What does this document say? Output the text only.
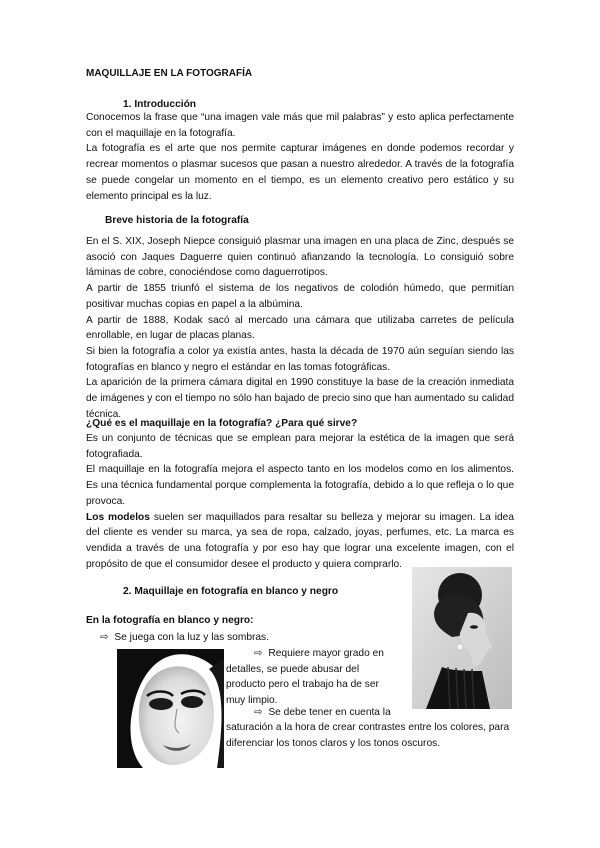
MAQUILLAJE EN LA FOTOGRAFÍA
1. Introducción

Conocemos la frase que “una imagen vale más que mil palabras” y esto aplica perfectamente con el maquillaje en la fotografía.

La fotografía es el arte que nos permite capturar imágenes en donde podemos recordar y recrear momentos o plasmar sucesos que pasan a nuestro alrededor. A través de la fotografía se puede congelar un momento en el tiempo, es un elemento creativo pero estático y su elemento principal es la luz.

Breve historia de la fotografía

En el S. XIX, Joseph Niepce consiguió plasmar una imagen en una placa de Zinc, después se asoció con Jaques Daguerre quien continuó afianzando la tecnología. Lo consiguió sobre láminas de cobre, conociéndose como daguerrotipos.

A partir de 1855 triunfó el sistema de los negativos de colodión húmedo, que permitían positivar muchas copias en papel a la albúmina.

A partir de 1888, Kodak sacó al mercado una cámara que utilizaba carretes de película enrollable, en lugar de placas planas.

Si bien la fotografía a color ya existía antes, hasta la década de 1970 aún seguían siendo las fotografías en blanco y negro el estándar en las tomas fotográficas.

La aparición de la primera cámara digital en 1990 constituye la base de la creación inmediata de imágenes y con el tiempo no sólo han bajado de precio sino que han aumentado su calidad técnica.

¿Qué es el maquillaje en la fotografía? ¿Para qué sirve?

Es un conjunto de técnicas que se emplean para mejorar la estética de la imagen que será fotografiada.

El maquillaje en la fotografía mejora el aspecto tanto en los modelos como en los alimentos. Es una técnica fundamental porque complementa la fotografía, debido a lo que refleja o lo que provoca.

Los modelos suelen ser maquillados para resaltar su belleza y mejorar su imagen. La idea del cliente es vender su marca, ya sea de ropa, calzado, joyas, perfumes, etc. La marca es vendida a través de una fotografía y por eso hay que lograr una excelente imagen, con el propósito de que el consumidor desee el producto y quiera comprarlo.

2. Maquillaje en fotografía en blanco y negro
En la fotografía en blanco y negro:
⇨ Se juega con la luz y las sombras.
⇨ Requiere mayor grado en detalles, se puede abusar del producto pero el trabajo ha de ser muy limpio.
⇨ Se debe tener en cuenta la
saturación a la hora de crear contrastes entre los colores, para diferenciar los tonos claros y los tonos oscuros.
